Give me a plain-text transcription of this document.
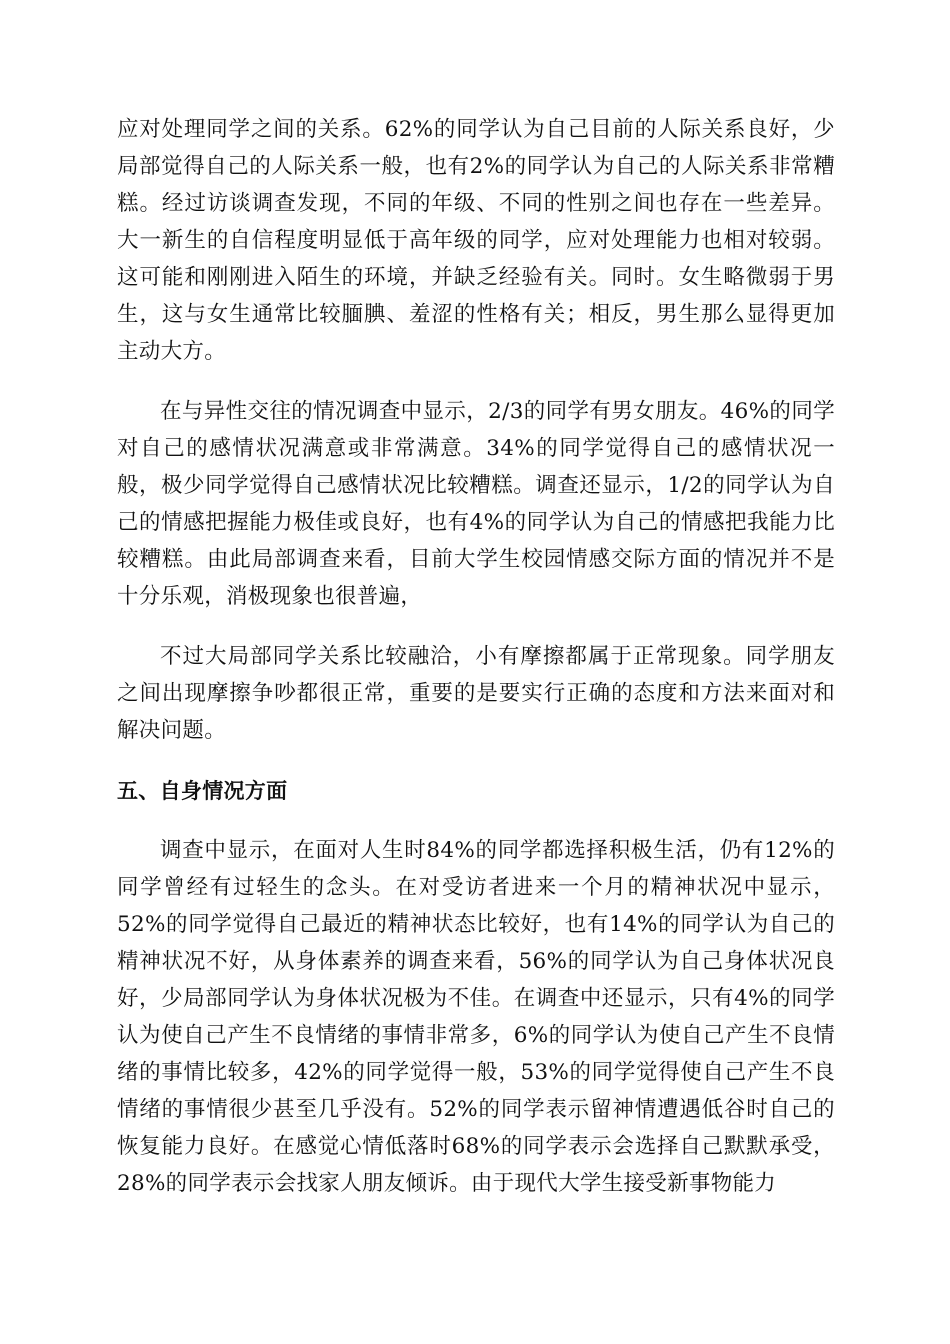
应对处理同学之间的关系。62%的同学认为自己目前的人际关系良好，少局部觉得自己的人际关系一般，也有2%的同学认为自己的人际关系非常糟糕。经过访谈调查发现，不同的年级、不同的性别之间也存在一些差异。大一新生的自信程度明显低于高年级的同学，应对处理能力也相对较弱。这可能和刚刚进入陌生的环境，并缺乏经验有关。同时。女生略微弱于男生，这与女生通常比较腼腆、羞涩的性格有关；相反，男生那么显得更加主动大方。

在与异性交往的情况调查中显示，2/3的同学有男女朋友。46%的同学对自己的感情状况满意或非常满意。34%的同学觉得自己的感情状况一般，极少同学觉得自己感情状况比较糟糕。调查还显示，1/2的同学认为自己的情感把握能力极佳或良好，也有4%的同学认为自己的情感把我能力比较糟糕。由此局部调查来看，目前大学生校园情感交际方面的情况并不是十分乐观，消极现象也很普遍，

不过大局部同学关系比较融洽，小有摩擦都属于正常现象。同学朋友之间出现摩擦争吵都很正常，重要的是要实行正确的态度和方法来面对和解决问题。

五、自身情况方面

调查中显示，在面对人生时84%的同学都选择积极生活，仍有12%的同学曾经有过轻生的念头。在对受访者进来一个月的精神状况中显示，52%的同学觉得自己最近的精神状态比较好，也有14%的同学认为自己的精神状况不好，从身体素养的调查来看，56%的同学认为自己身体状况良好，少局部同学认为身体状况极为不佳。在调查中还显示，只有4%的同学认为使自己产生不良情绪的事情非常多，6%的同学认为使自己产生不良情绪的事情比较多，42%的同学觉得一般，53%的同学觉得使自己产生不良情绪的事情很少甚至几乎没有。52%的同学表示留神情遭遇低谷时自己的恢复能力良好。在感觉心情低落时68%的同学表示会选择自己默默承受，28%的同学表示会找家人朋友倾诉。由于现代大学生接受新事物能力
